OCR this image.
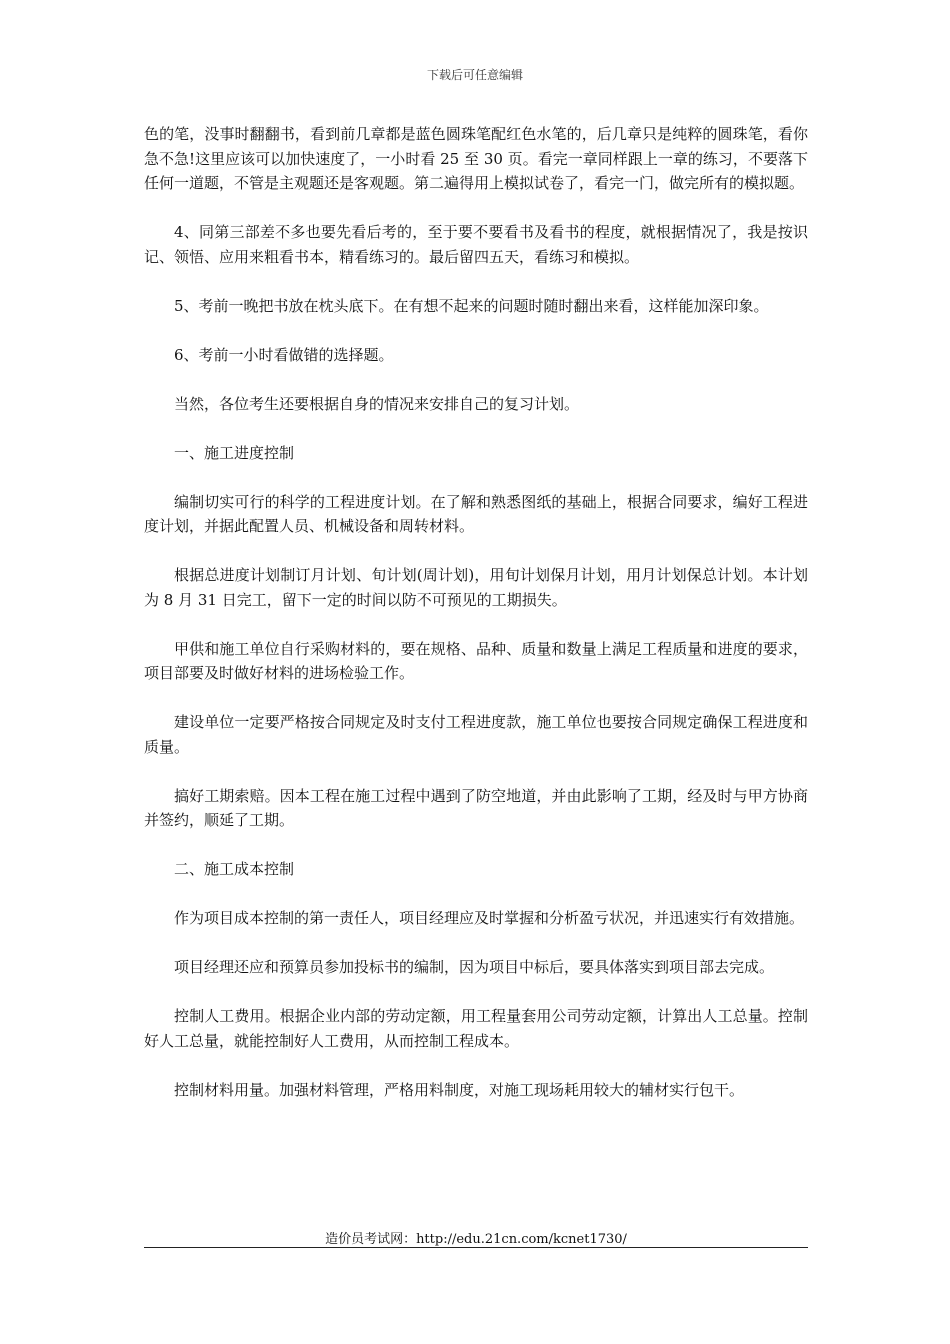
下载后可任意编辑

色的笔，没事时翻翻书，看到前几章都是蓝色圆珠笔配红色水笔的，后几章只是纯粹的圆珠笔，看你急不急!这里应该可以加快速度了，一小时看 25 至 30 页。看完一章同样跟上一章的练习，不要落下任何一道题，不管是主观题还是客观题。第二遍得用上模拟试卷了，看完一门，做完所有的模拟题。

4、同第三部差不多也要先看后考的，至于要不要看书及看书的程度，就根据情况了，我是按识记、领悟、应用来粗看书本，精看练习的。最后留四五天，看练习和模拟。

5、考前一晚把书放在枕头底下。在有想不起来的问题时随时翻出来看，这样能加深印象。

6、考前一小时看做错的选择题。

当然，各位考生还要根据自身的情况来安排自己的复习计划。

一、施工进度控制

编制切实可行的科学的工程进度计划。在了解和熟悉图纸的基础上，根据合同要求，编好工程进度计划，并据此配置人员、机械设备和周转材料。

根据总进度计划制订月计划、旬计划(周计划)，用旬计划保月计划，用月计划保总计划。本计划为 8 月 31 日完工，留下一定的时间以防不可预见的工期损失。

甲供和施工单位自行采购材料的，要在规格、品种、质量和数量上满足工程质量和进度的要求，项目部要及时做好材料的进场检验工作。

建设单位一定要严格按合同规定及时支付工程进度款，施工单位也要按合同规定确保工程进度和质量。

搞好工期索赔。因本工程在施工过程中遇到了防空地道，并由此影响了工期，经及时与甲方协商并签约，顺延了工期。

二、施工成本控制

作为项目成本控制的第一责任人，项目经理应及时掌握和分析盈亏状况，并迅速实行有效措施。

项目经理还应和预算员参加投标书的编制，因为项目中标后，要具体落实到项目部去完成。

控制人工费用。根据企业内部的劳动定额，用工程量套用公司劳动定额，计算出人工总量。控制好人工总量，就能控制好人工费用，从而控制工程成本。

控制材料用量。加强材料管理，严格用料制度，对施工现场耗用较大的辅材实行包干。

造价员考试网：http://edu.21cn.com/kcnet1730/
